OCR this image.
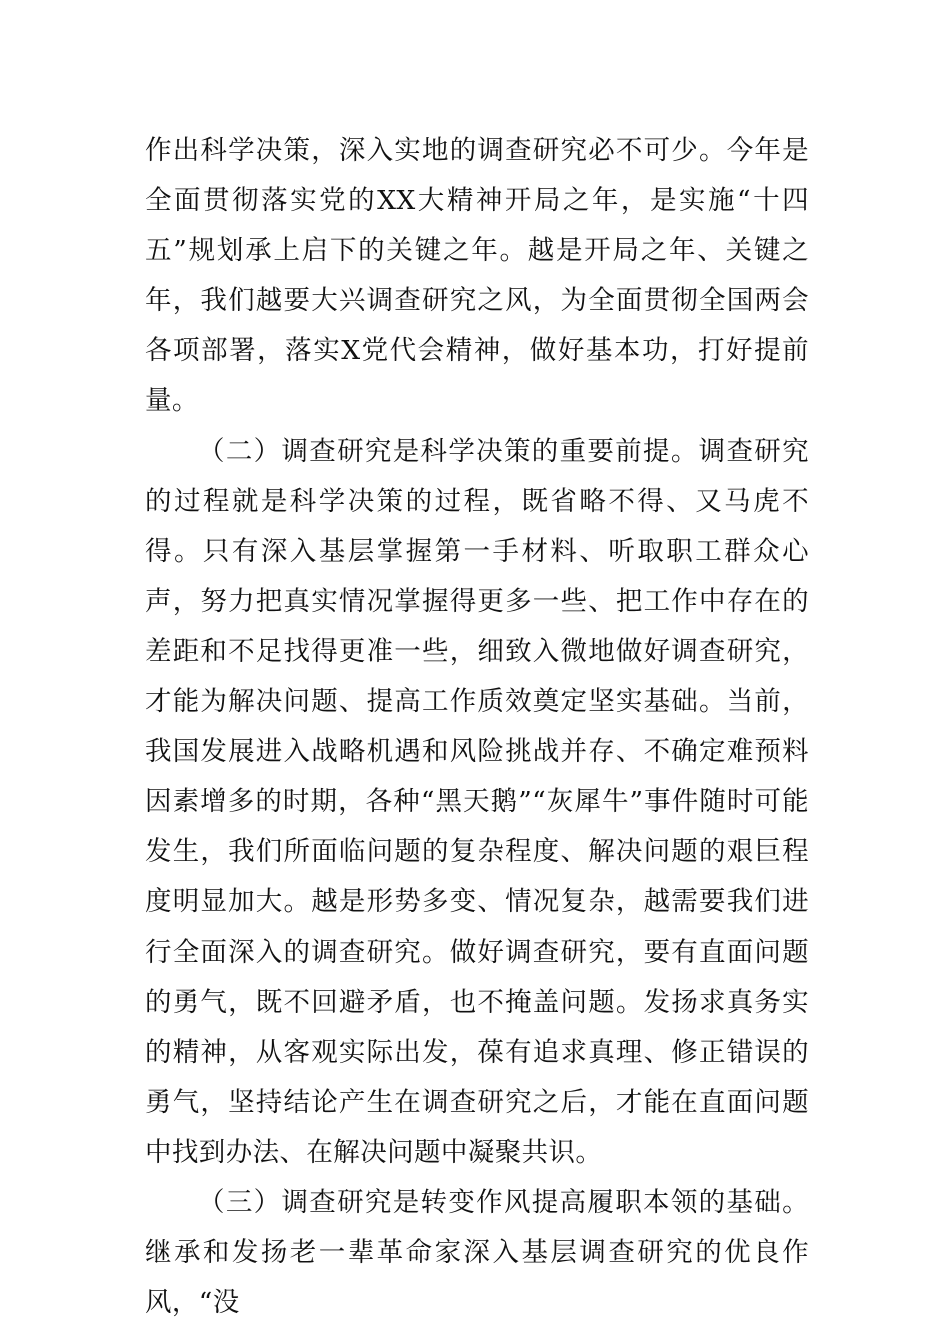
作出科学决策，深入实地的调查研究必不可少。今年是全面贯彻落实党的XX大精神开局之年，是实施“十四五”规划承上启下的关键之年。越是开局之年、关键之年，我们越要大兴调查研究之风，为全面贯彻全国两会各项部署，落实X党代会精神，做好基本功，打好提前量。

（二）调查研究是科学决策的重要前提。调查研究的过程就是科学决策的过程，既省略不得、又马虎不得。只有深入基层掌握第一手材料、听取职工群众心声，努力把真实情况掌握得更多一些、把工作中存在的差距和不足找得更准一些，细致入微地做好调查研究，才能为解决问题、提高工作质效奠定坚实基础。当前，我国发展进入战略机遇和风险挑战并存、不确定难预料因素增多的时期，各种“黑天鹅”“灰犀牛”事件随时可能发生，我们所面临问题的复杂程度、解决问题的艰巨程度明显加大。越是形势多变、情况复杂，越需要我们进行全面深入的调查研究。做好调查研究，要有直面问题的勇气，既不回避矛盾，也不掩盖问题。发扬求真务实的精神，从客观实际出发，葆有追求真理、修正错误的勇气，坚持结论产生在调查研究之后，才能在直面问题中找到办法、在解决问题中凝聚共识。

（三）调查研究是转变作风提高履职本领的基础。继承和发扬老一辈革命家深入基层调查研究的优良作风，“没
